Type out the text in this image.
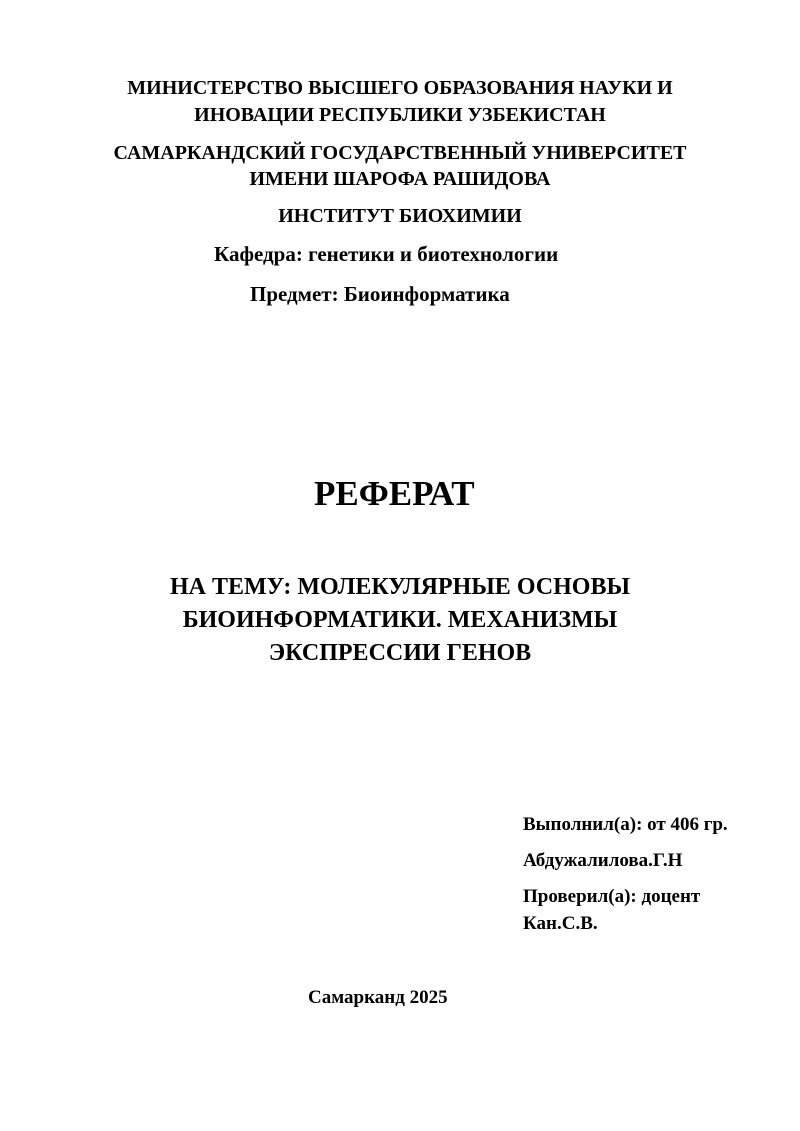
МИНИСТЕРСТВО ВЫСШЕГО ОБРАЗОВАНИЯ НАУКИ И
ИНОВАЦИИ РЕСПУБЛИКИ УЗБЕКИСТАН
САМАРКАНДСКИЙ ГОСУДАРСТВЕННЫЙ УНИВЕРСИТЕТ
ИМЕНИ ШАРОФА РАШИДОВА
ИНСТИТУТ БИОХИМИИ
Кафедра: генетики и биотехнологии
Предмет: Биоинформатика
РЕФЕРАТ
НА ТЕМУ: МОЛЕКУЛЯРНЫЕ ОСНОВЫ
БИОИНФОРМАТИКИ. МЕХАНИЗМЫ
ЭКСПРЕССИИ ГЕНОВ
Выполнил(а): от 406 гр.
Абдужалилова.Г.Н
Проверил(а): доцент
Кан.С.В.
Самарканд 2025
